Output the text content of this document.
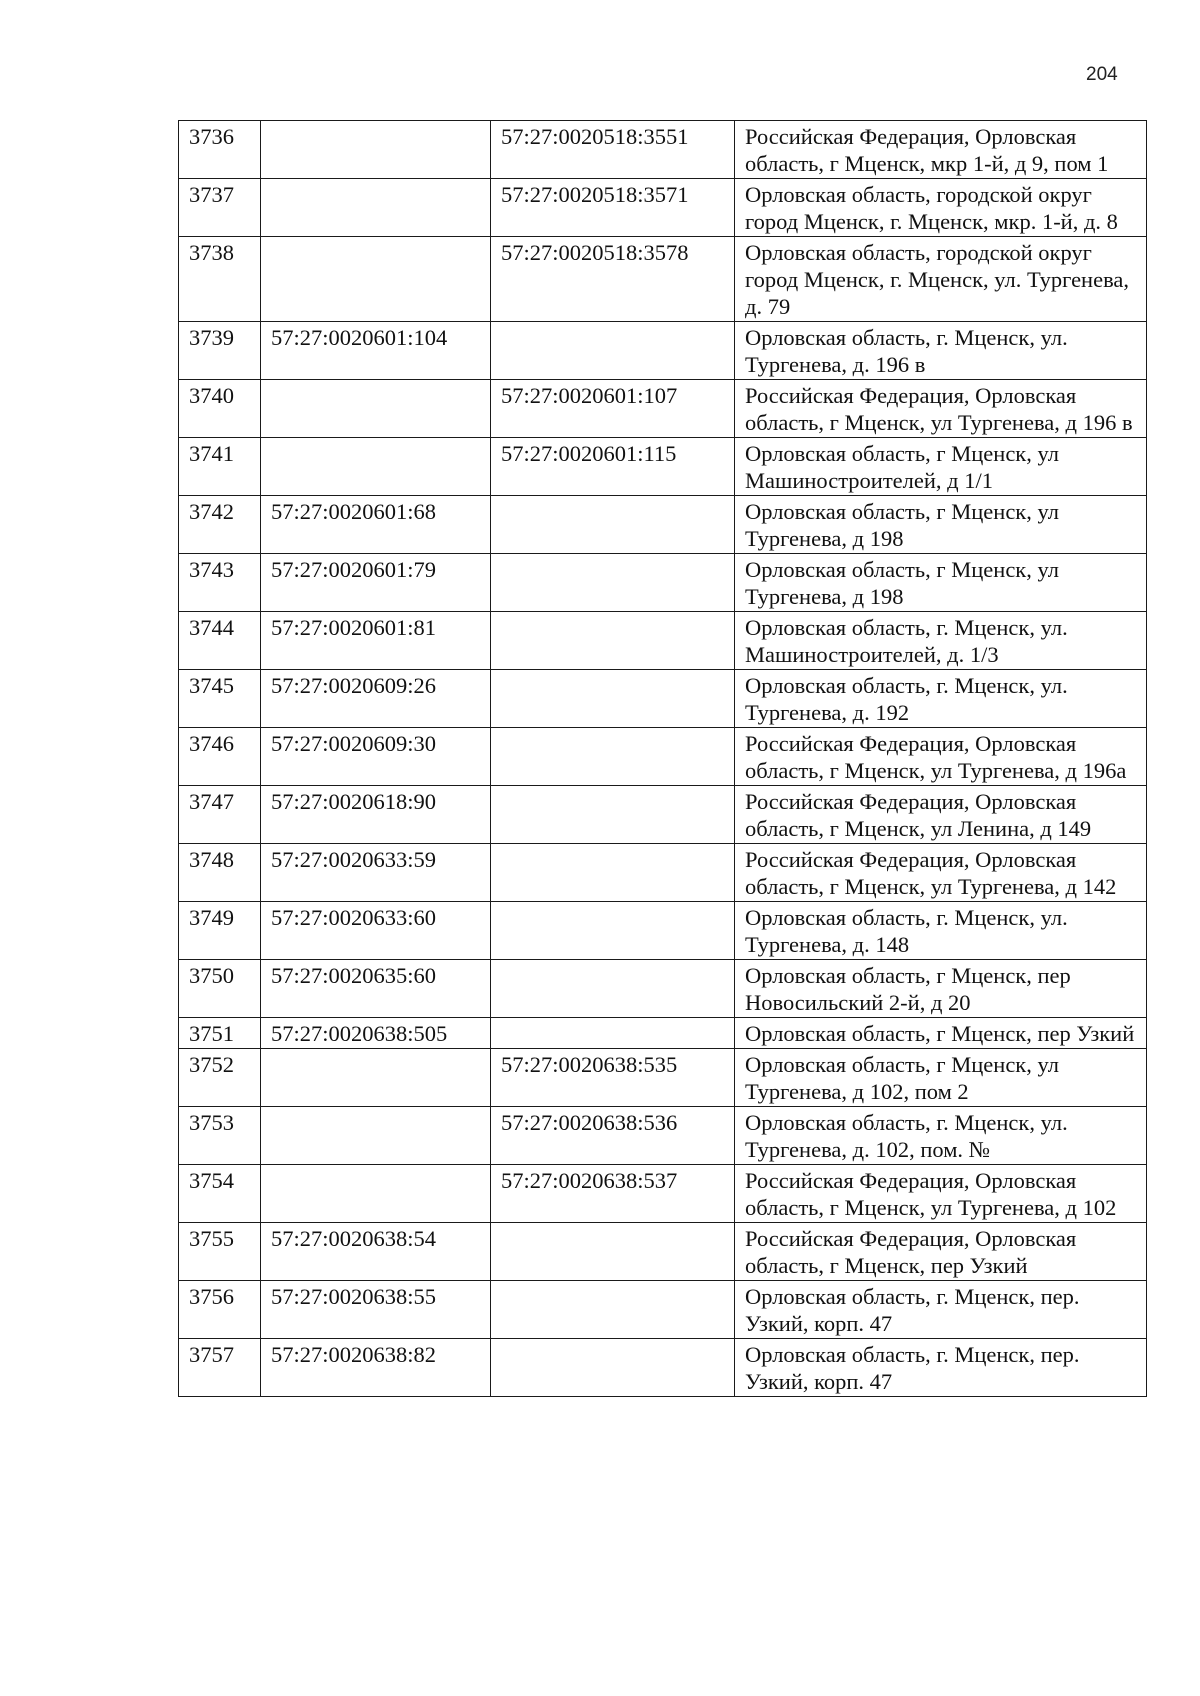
204
3736		57:27:0020518:3551	Российская Федерация, Орловская область, г Мценск, мкр 1-й, д 9, пом 1
3737		57:27:0020518:3571	Орловская область, городской округ город Мценск, г. Мценск, мкр. 1-й, д. 8
3738		57:27:0020518:3578	Орловская область, городской округ город Мценск, г. Мценск, ул. Тургенева, д. 79
3739	57:27:0020601:104		Орловская область, г. Мценск, ул. Тургенева, д. 196 в
3740		57:27:0020601:107	Российская Федерация, Орловская область, г Мценск, ул Тургенева, д 196 в
3741		57:27:0020601:115	Орловская область, г Мценск, ул Машиностроителей, д 1/1
3742	57:27:0020601:68		Орловская область, г Мценск, ул Тургенева, д 198
3743	57:27:0020601:79		Орловская область, г Мценск, ул Тургенева, д 198
3744	57:27:0020601:81		Орловская область, г. Мценск, ул. Машиностроителей, д. 1/3
3745	57:27:0020609:26		Орловская область, г. Мценск, ул. Тургенева, д. 192
3746	57:27:0020609:30		Российская Федерация, Орловская область, г Мценск, ул Тургенева, д 196а
3747	57:27:0020618:90		Российская Федерация, Орловская область, г Мценск, ул Ленина, д 149
3748	57:27:0020633:59		Российская Федерация, Орловская область, г Мценск, ул Тургенева, д 142
3749	57:27:0020633:60		Орловская область, г. Мценск, ул. Тургенева, д. 148
3750	57:27:0020635:60		Орловская область, г Мценск, пер Новосильский 2-й, д 20
3751	57:27:0020638:505		Орловская область, г Мценск, пер Узкий
3752		57:27:0020638:535	Орловская область, г Мценск, ул Тургенева, д 102, пом 2
3753		57:27:0020638:536	Орловская область, г. Мценск, ул. Тургенева, д. 102, пом. №
3754		57:27:0020638:537	Российская Федерация, Орловская область, г Мценск, ул Тургенева, д 102
3755	57:27:0020638:54		Российская Федерация, Орловская область, г Мценск, пер Узкий
3756	57:27:0020638:55		Орловская область, г. Мценск, пер. Узкий, корп. 47
3757	57:27:0020638:82		Орловская область, г. Мценск, пер. Узкий, корп. 47
